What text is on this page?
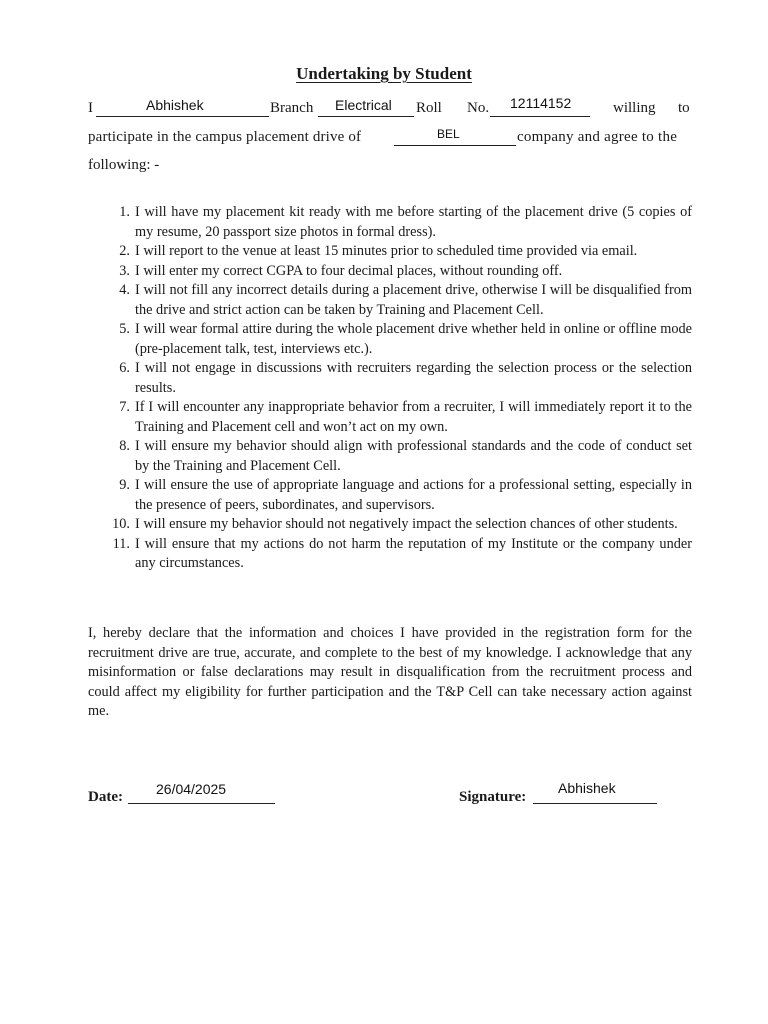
Undertaking by Student
I	Abhishek	Branch Electrical Roll No. 12114152	willing to
participate in the campus placement drive of	BEL	company and agree to the
following: -
1. I will have my placement kit ready with me before starting of the placement drive (5 copies of my resume, 20 passport size photos in formal dress).
2. I will report to the venue at least 15 minutes prior to scheduled time provided via email.
3. I will enter my correct CGPA to four decimal places, without rounding off.
4. I will not fill any incorrect details during a placement drive, otherwise I will be disqualified from the drive and strict action can be taken by Training and Placement Cell.
5. I will wear formal attire during the whole placement drive whether held in online or offline mode (pre-placement talk, test, interviews etc.).
6. I will not engage in discussions with recruiters regarding the selection process or the selection results.
7. If I will encounter any inappropriate behavior from a recruiter, I will immediately report it to the Training and Placement cell and won’t act on my own.
8. I will ensure my behavior should align with professional standards and the code of conduct set by the Training and Placement Cell.
9. I will ensure the use of appropriate language and actions for a professional setting, especially in the presence of peers, subordinates, and supervisors.
10. I will ensure my behavior should not negatively impact the selection chances of other students.
11. I will ensure that my actions do not harm the reputation of my Institute or the company under any circumstances.
I, hereby declare that the information and choices I have provided in the registration form for the recruitment drive are true, accurate, and complete to the best of my knowledge. I acknowledge that any misinformation or false declarations may result in disqualification from the recruitment process and could affect my eligibility for further participation and the T&P Cell can take necessary action against me.
Date: 26/04/2025	Signature:
Abhishek
